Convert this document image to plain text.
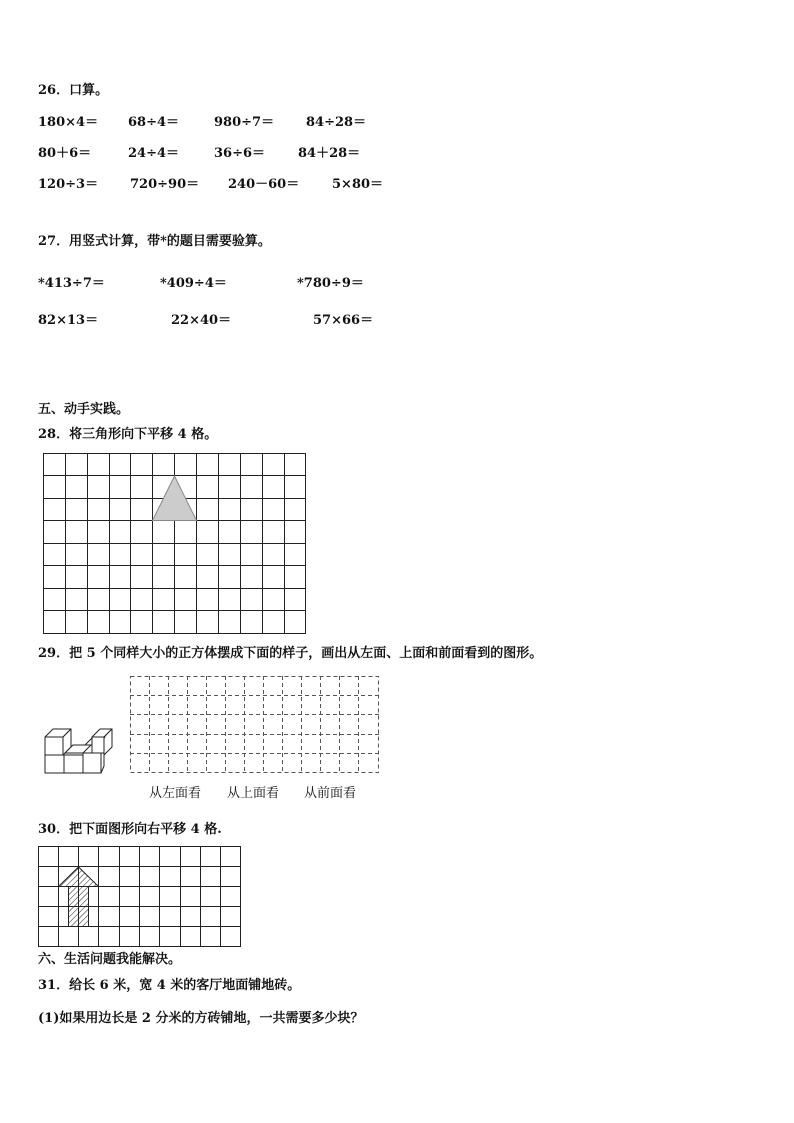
26．口算。
180×4＝ 68÷4＝	980÷7＝ 84÷28＝
80＋6＝	24÷4＝	36÷6＝	84＋28＝
120÷3＝ 720÷90＝ 240－60＝	5×80＝
27．用竖式计算，带*的题目需要验算。
*413÷7＝	*409÷4＝	*780÷9＝
82×13＝	22×40＝	57×66＝
五、动手实践。
28．将三角形向下平移 4 格。
29．把 5 个同样大小的正方体摆成下面的样子，画出从左面、上面和前面看到的图形。
从左面看 从上面看 从前面看
30．把下面图形向右平移 4 格.
六、生活问题我能解决。
31．给长 6 米，宽 4 米的客厅地面铺地砖。
(1)如果用边长是 2 分米的方砖铺地，一共需要多少块？
